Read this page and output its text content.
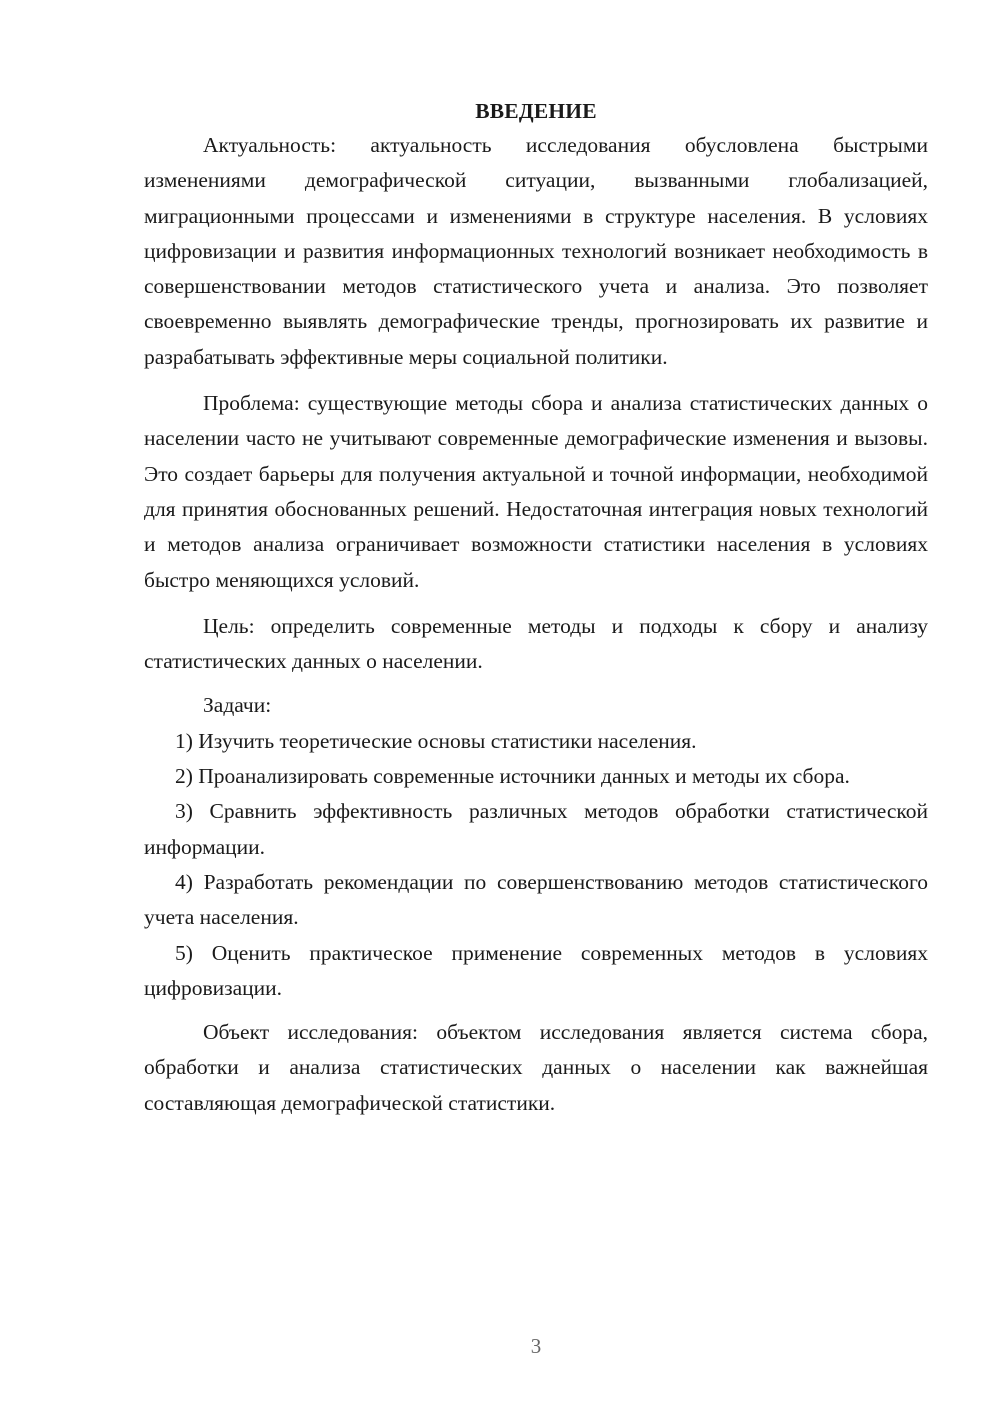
ВВЕДЕНИЕ

Актуальность: актуальность исследования обусловлена быстрыми изменениями демографической ситуации, вызванными глобализацией, миграционными процессами и изменениями в структуре населения. В условиях цифровизации и развития информационных технологий возникает необходимость в совершенствовании методов статистического учета и анализа. Это позволяет своевременно выявлять демографические тренды, прогнозировать их развитие и разрабатывать эффективные меры социальной политики.

Проблема: существующие методы сбора и анализа статистических данных о населении часто не учитывают современные демографические изменения и вызовы. Это создает барьеры для получения актуальной и точной информации, необходимой для принятия обоснованных решений. Недостаточная интеграция новых технологий и методов анализа ограничивает возможности статистики населения в условиях быстро меняющихся условий.

Цель: определить современные методы и подходы к сбору и анализу статистических данных о населении.

Задачи:

1) Изучить теоретические основы статистики населения.

2) Проанализировать современные источники данных и методы их сбора.

3) Сравнить эффективность различных методов обработки статистической информации.

4) Разработать рекомендации по совершенствованию методов статистического учета населения.

5) Оценить практическое применение современных методов в условиях цифровизации.

Объект исследования: объектом исследования является система сбора, обработки и анализа статистических данных о населении как важнейшая составляющая демографической статистики.

3
